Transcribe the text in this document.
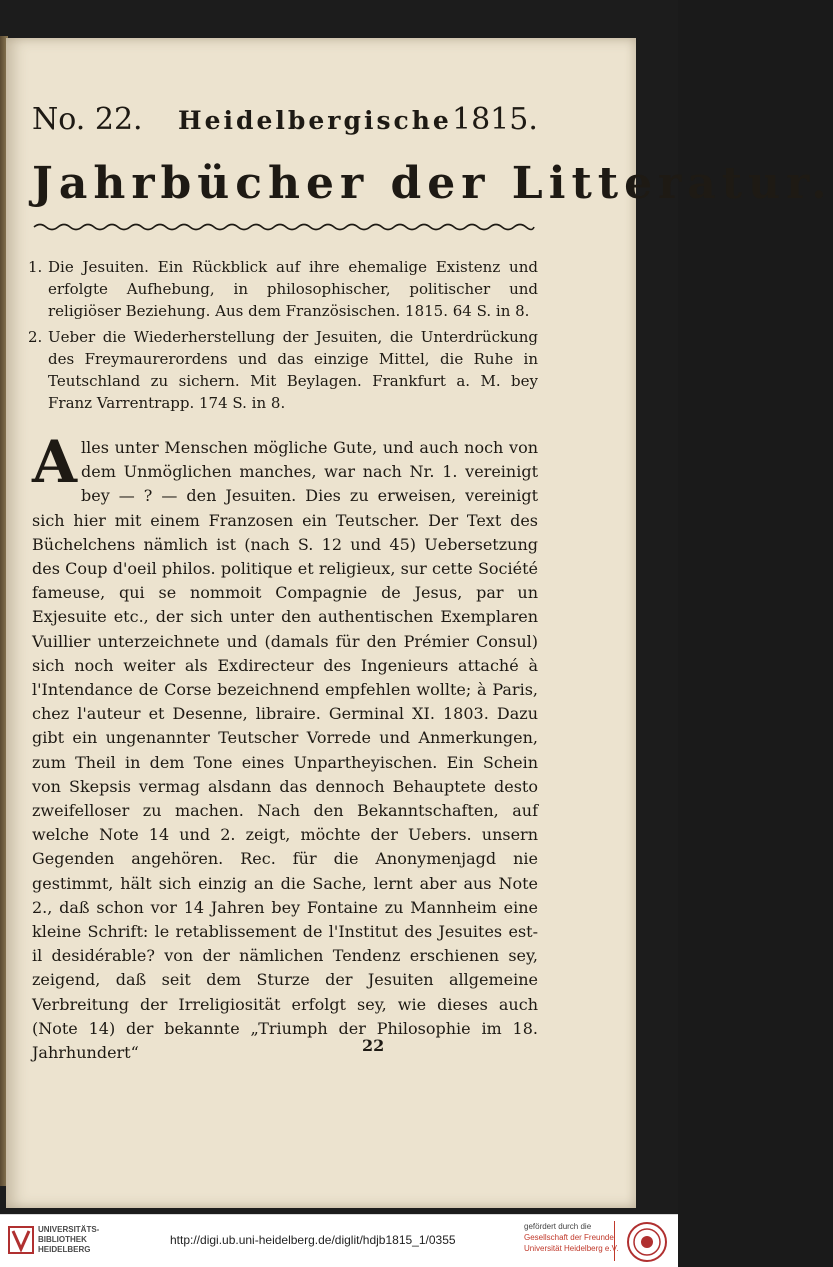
No. 22. Heidelbergische 1815.
Jahrbücher der Litteratur.
1. Die Jesuiten. Ein Rückblick auf ihre ehemalige Existenz und erfolgte Aufhebung, in philosophischer, politischer und religiöser Beziehung. Aus dem Französischen. 1815. 64 S. in 8.
2. Ueber die Wiederherstellung der Jesuiten, die Unterdrückung des Freymaurerordens und das einzige Mittel, die Ruhe in Teutschland zu sichern. Mit Beylagen. Frankfurt a. M. bey Franz Varrentrapp. 174 S. in 8.
A lles unter Menschen mögliche Gute, und auch noch von dem Unmöglichen manches, war nach Nr. 1. vereinigt bey — ? — den Jesuiten. Dies zu erweisen, vereinigt sich hier mit einem Franzosen ein Teutscher. Der Text des Büchelchens nämlich ist (nach S. 12 und 45) Uebersetzung des Coup d'oeil philos. politique et religieux, sur cette Société fameuse, qui se nommoit Compagnie de Jesus, par un Exjesuite etc., der sich unter den authentischen Exemplaren Vuillier unterzeichnete und (damals für den Prémier Consul) sich noch weiter als Exdirecteur des Ingenieurs attaché à l'Intendance de Corse bezeichnend empfehlen wollte; à Paris, chez l'auteur et Desenne, libraire. Germinal XI. 1803. Dazu gibt ein ungenannter Teutscher Vorrede und Anmerkungen, zum Theil in dem Tone eines Unpartheyischen. Ein Schein von Skepsis vermag alsdann das dennoch Behauptete desto zweifelloser zu machen. Nach den Bekanntschaften, auf welche Note 14 und 2. zeigt, möchte der Uebers. unsern Gegenden angehören. Rec. für die Anonymenjagd nie gestimmt, hält sich einzig an die Sache, lernt aber aus Note 2., daß schon vor 14 Jahren bey Fontaine zu Mannheim eine kleine Schrift: le retablissement de l'Institut des Jesuites est-il desidérable? von der nämlichen Tendenz erschienen sey, zeigend, daß seit dem Sturze der Jesuiten allgemeine Verbreitung der Irreligiosität erfolgt sey, wie dieses auch (Note 14) der bekannte „Triumph der Philosophie im 18. Jahrhundert“	22
UNIVERSITÄTS-
BIBLIOTHEK
HEIDELBERG
http://digi.ub.uni-heidelberg.de/diglit/hdjb1815_1/0355
gefördert durch die
Gesellschaft der Freunde
Universität Heidelberg e.V.
